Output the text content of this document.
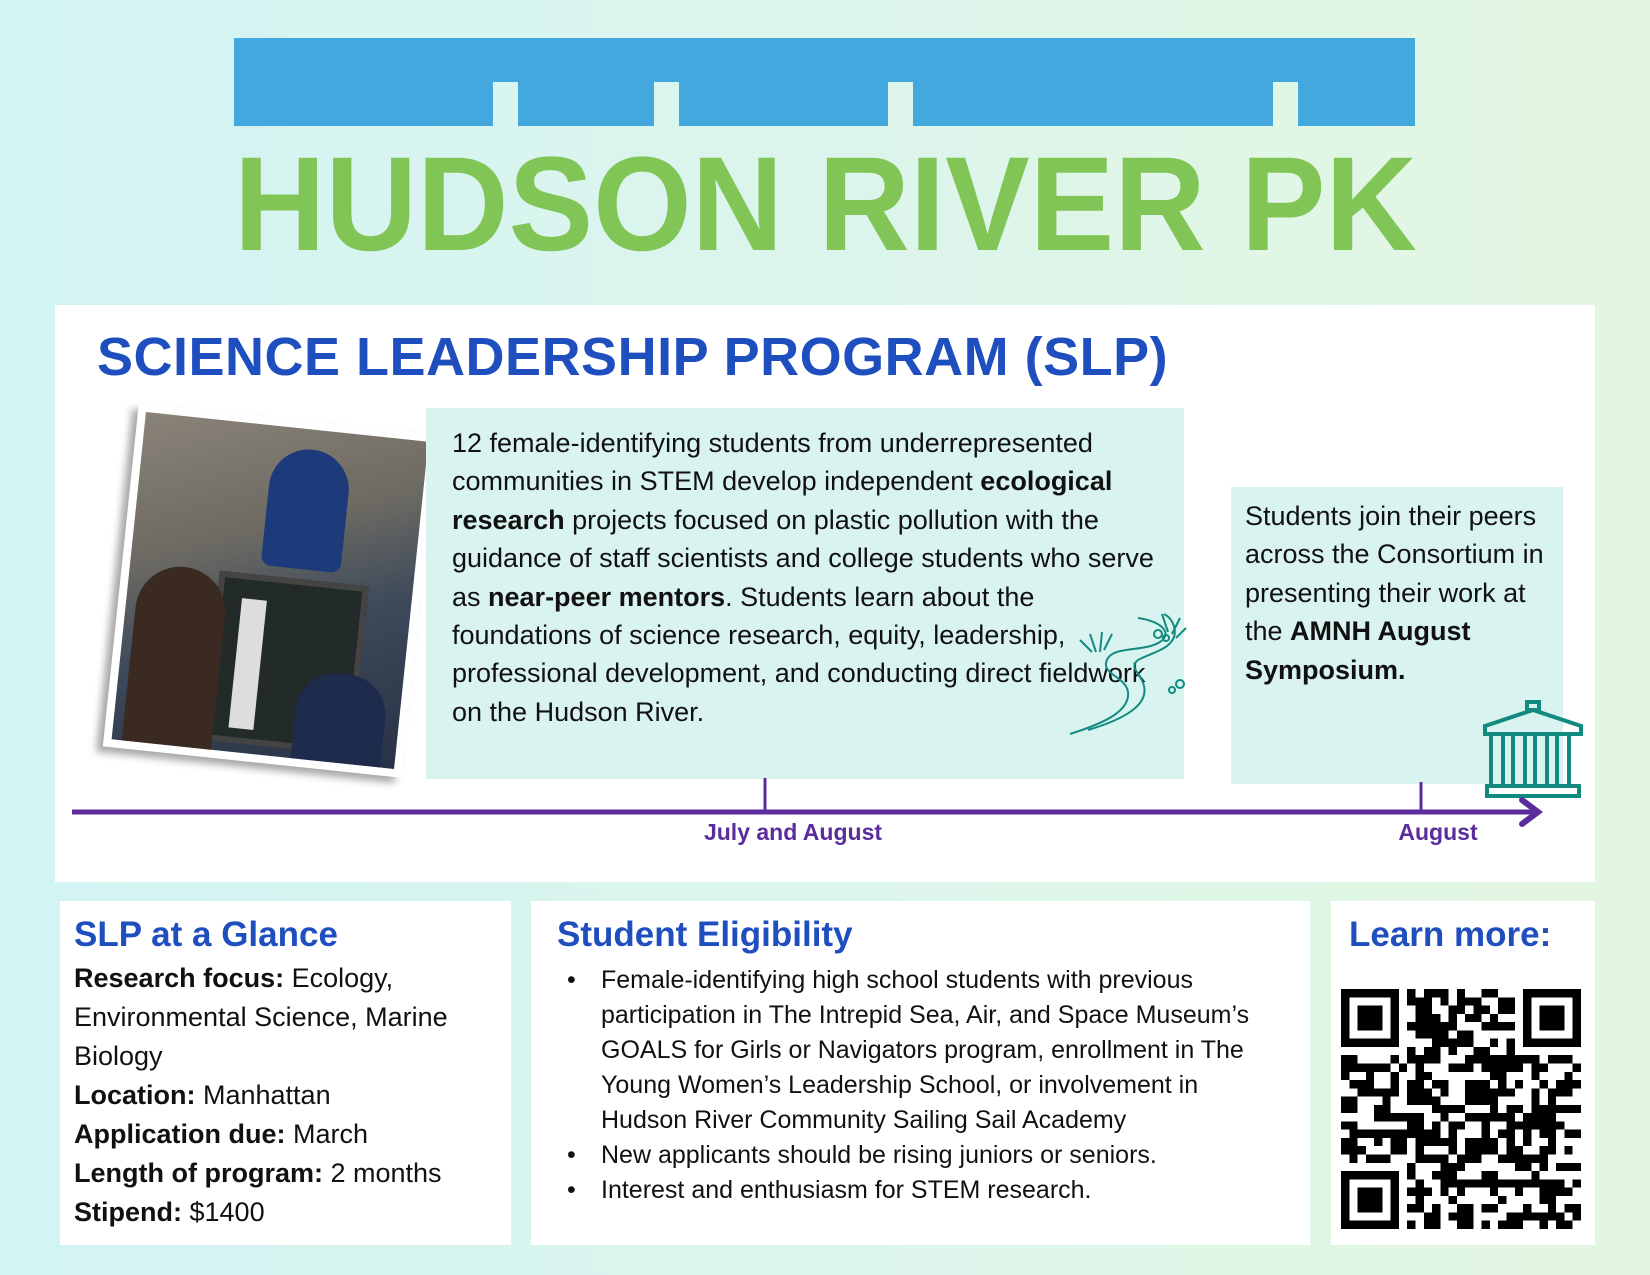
HUDSON RIVER PK
SCIENCE LEADERSHIP PROGRAM (SLP)
12 female-identifying students from underrepresented communities in STEM develop independent ecological research projects focused on plastic pollution with the guidance of staff scientists and college students who serve as near-peer mentors. Students learn about the foundations of science research, equity, leadership, professional development, and conducting direct fieldwork on the Hudson River.
Students join their peers across the Consortium in presenting their work at the AMNH August Symposium.
July and August	August
SLP at a Glance
Research focus: Ecology, Environmental Science, Marine Biology
Location: Manhattan
Application due: March
Length of program: 2 months
Stipend: $1400
Student Eligibility
• Female-identifying high school students with previous participation in The Intrepid Sea, Air, and Space Museum’s GOALS for Girls or Navigators program, enrollment in The Young Women’s Leadership School, or involvement in Hudson River Community Sailing Sail Academy
• New applicants should be rising juniors or seniors.
• Interest and enthusiasm for STEM research.
Learn more:
